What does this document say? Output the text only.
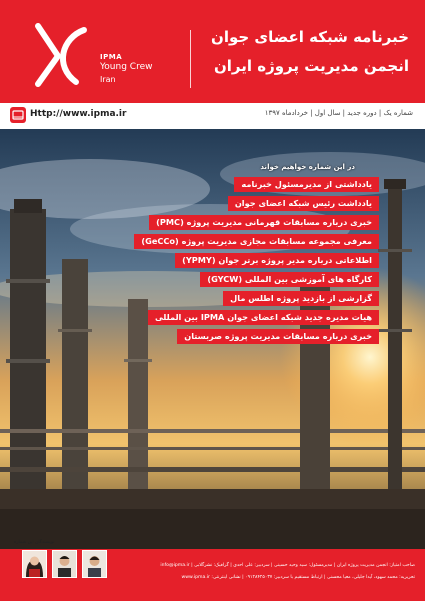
IPMA
Young Crew
Iran
خبرنامه شبکه اعضای جوان
انجمن مدیریت پروژه ایران
Http://www.ipma.ir	شماره یک | دوره جدید | سال اول | خردادماه ۱۳۹۷
در این شماره خواهیم خواند
یادداشتی از مدیرمسئول خبرنامه
یادداشت رئیس شبکه اعضای جوان
خبری درباره مسابقات قهرمانی مدیریت پروژه (PMC)
معرفی مجموعه مسابقات مجازی مدیریت پروژه (GeCCo)
اطلاعاتی درباره مدیر پروژه برتر جوان (YPMY)
کارگاه های آموزشی بین المللی (GYCW)
گزارشی از بازدید پروژه اطلس مال
هیات مدیره جدید شبکه اعضای جوان IPMA بین المللی
خبری درباره مسابقات مدیریت پروژه صربستان
نویسندگان این شماره
صاحب امتیاز: انجمن مدیریت پروژه ایران | مدیرمسئول: سید وحید حسینی | سردبیر: علی احدی | گرافیک: نشرگلابی | info@ipma.ir
تحریریه: محمد سهود، آیدا جلیلی، معیا محسنی | ارتباط مستقیم با سردبیر: ۰۹۱۲۸۴۲۵۰۳۷ | نشانی اینترنتی: www.ipma.ir
